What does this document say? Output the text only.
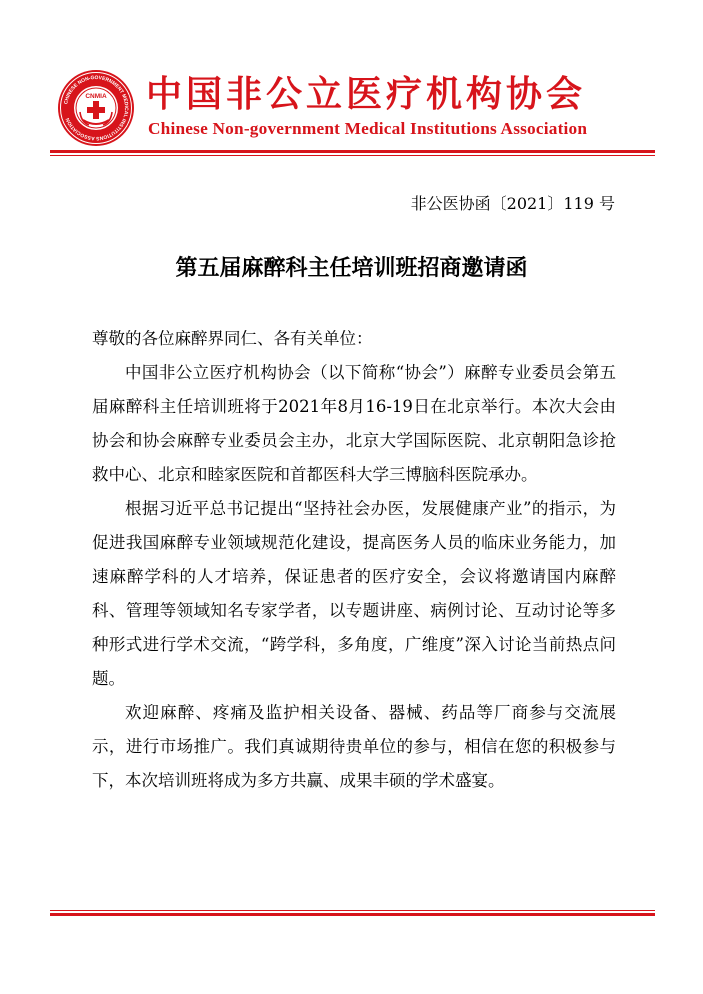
CHINESE NON-GOVERNMENT MEDICAL INSTITUTIONS ASSOCIATION
CNMIA 中国非公立医疗机构协会
Chinese Non-government Medical Institutions Association
非公医协函〔2021〕119 号
第五届麻醉科主任培训班招商邀请函

尊敬的各位麻醉界同仁、各有关单位：

中国非公立医疗机构协会（以下简称“协会”）麻醉专业委员会第五届麻醉科主任培训班将于2021年8月16-19日在北京举行。本次大会由协会和协会麻醉专业委员会主办，北京大学国际医院、北京朝阳急诊抢救中心、北京和睦家医院和首都医科大学三博脑科医院承办。

根据习近平总书记提出“坚持社会办医，发展健康产业”的指示，为促进我国麻醉专业领域规范化建设，提高医务人员的临床业务能力，加速麻醉学科的人才培养，保证患者的医疗安全，会议将邀请国内麻醉科、管理等领域知名专家学者，以专题讲座、病例讨论、互动讨论等多种形式进行学术交流，“跨学科，多角度，广维度”深入讨论当前热点问题。

欢迎麻醉、疼痛及监护相关设备、器械、药品等厂商参与交流展示，进行市场推广。我们真诚期待贵单位的参与，相信在您的积极参与下，本次培训班将成为多方共赢、成果丰硕的学术盛宴。
